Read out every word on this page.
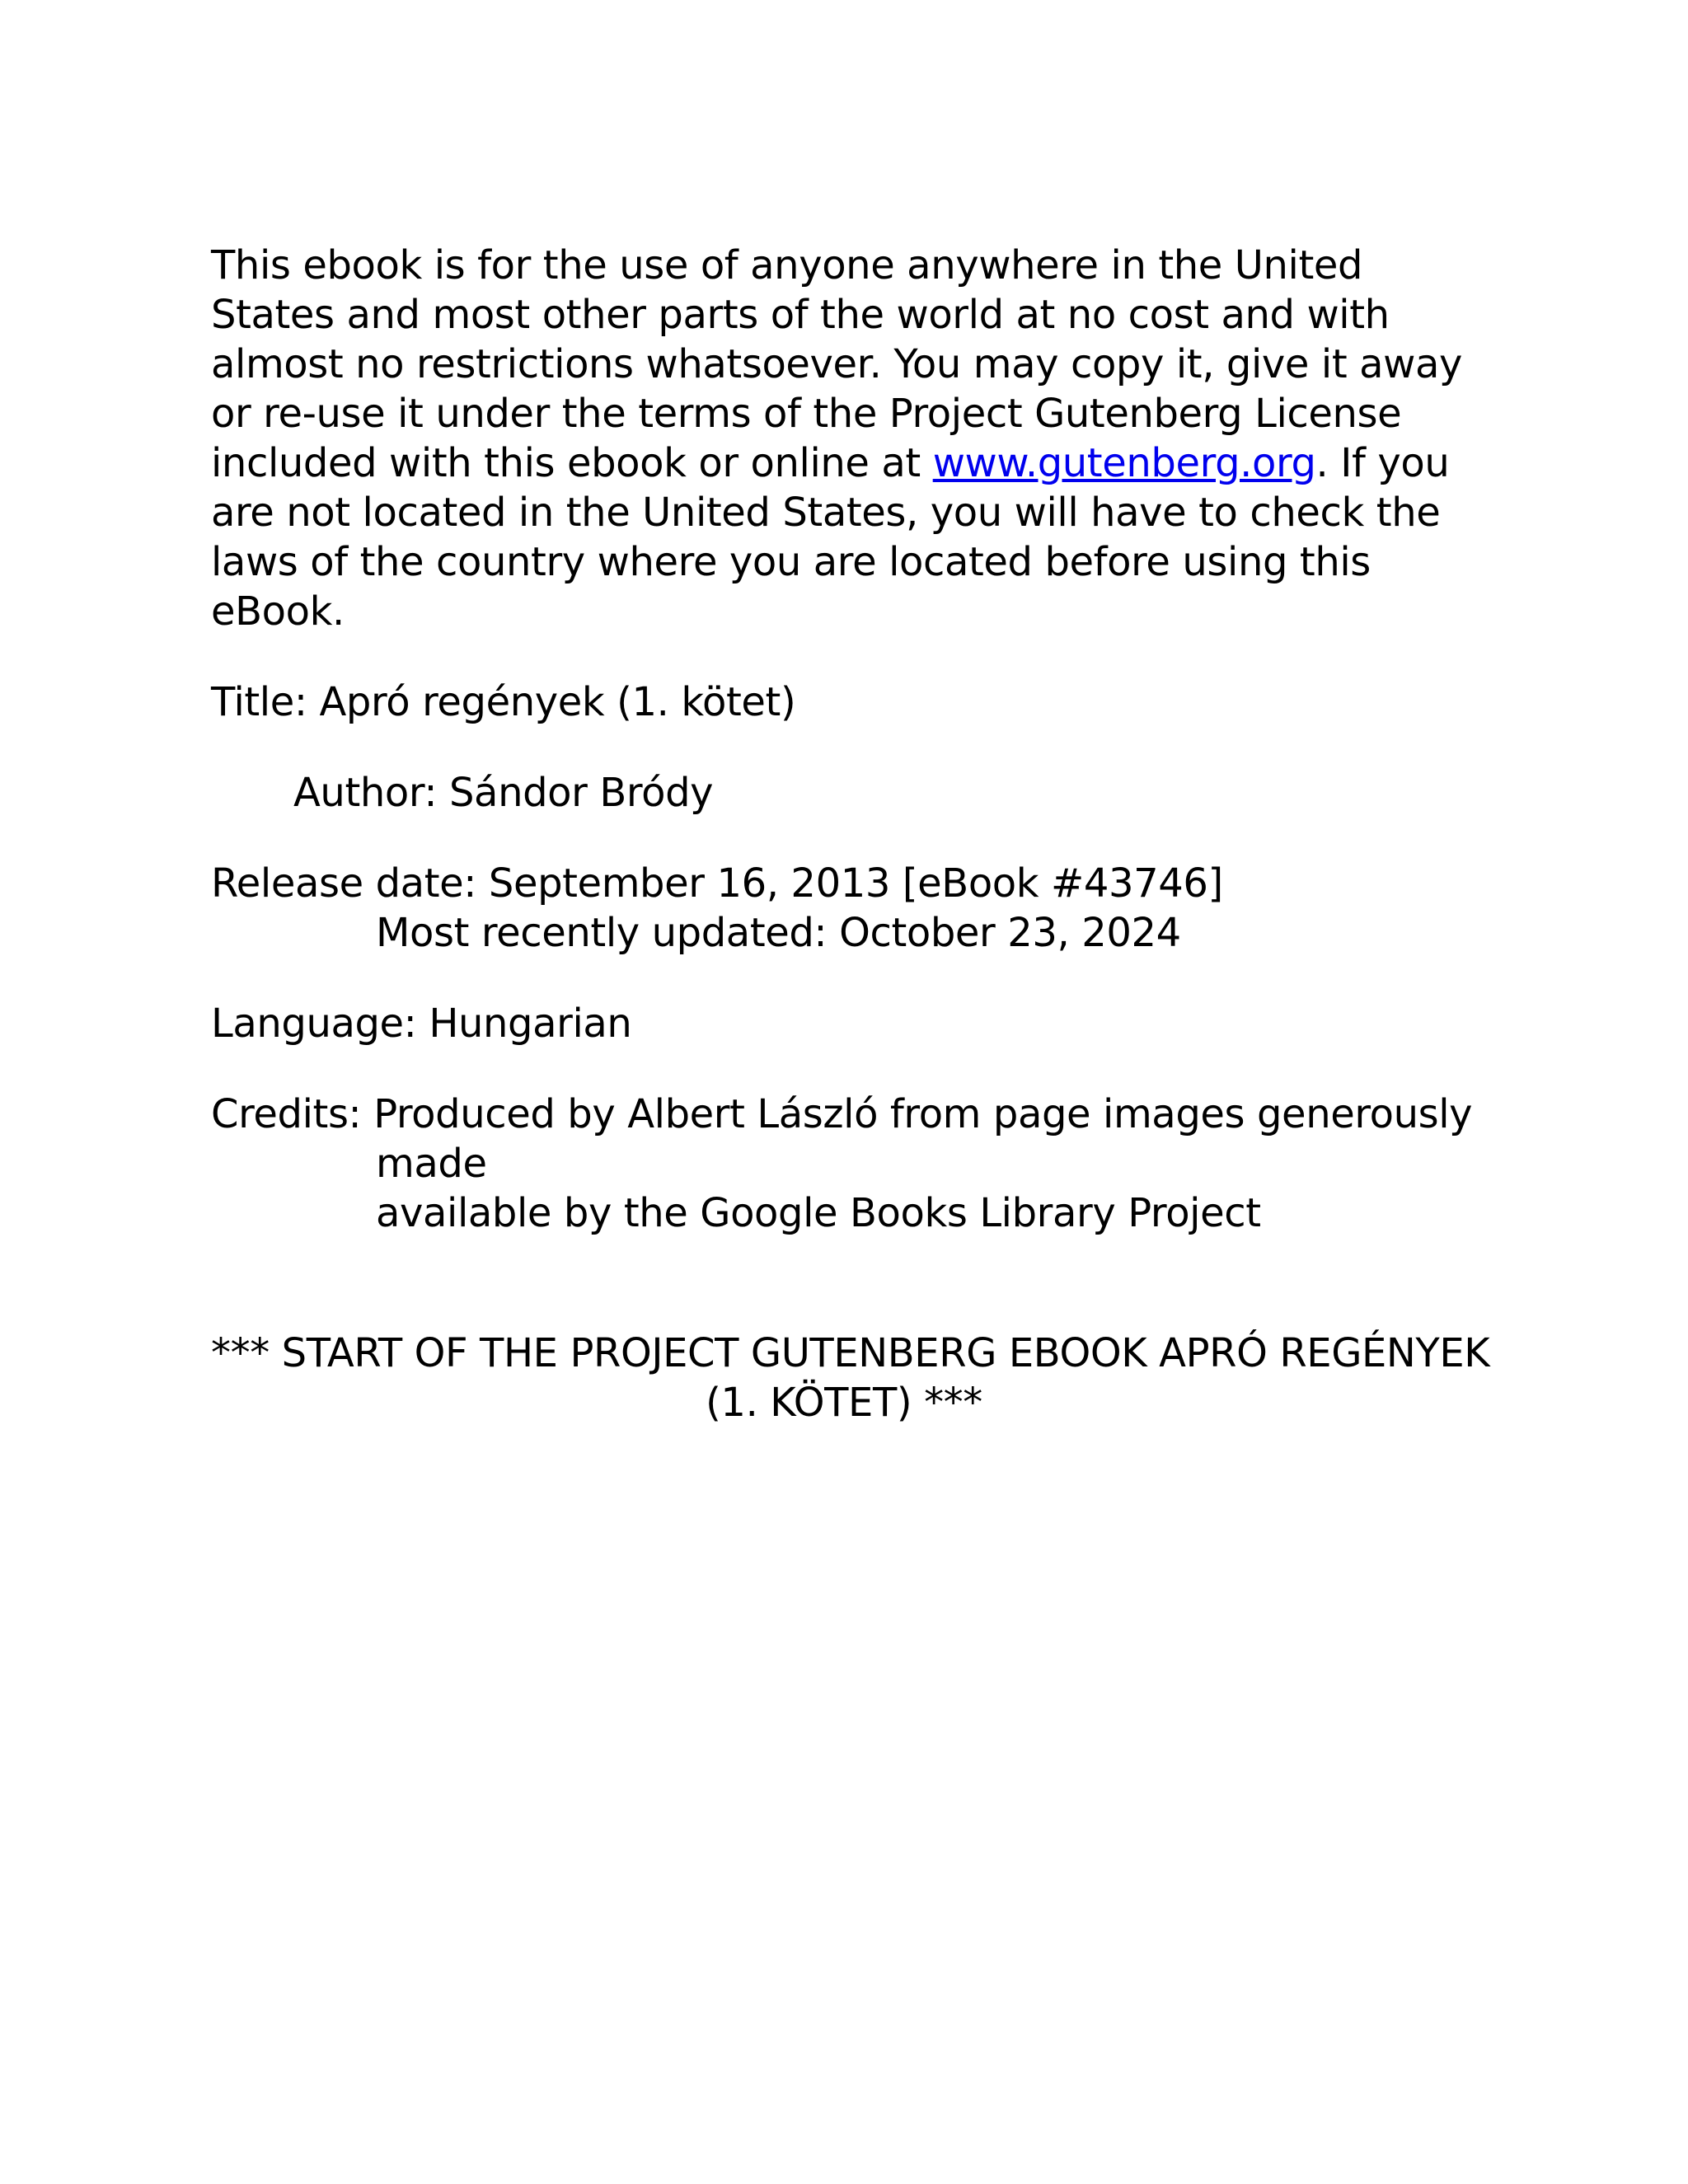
This ebook is for the use of anyone anywhere in the United States and most other parts of the world at no cost and with almost no restrictions whatsoever. You may copy it, give it away or re-use it under the terms of the Project Gutenberg License included with this ebook or online at www.gutenberg.org. If you are not located in the United States, you will have to check the laws of the country where you are located before using this eBook.

Title: Apró regények (1. kötet)

Author: Sándor Bródy

Release date: September 16, 2013 [eBook #43746]

Most recently updated: October 23, 2024

Language: Hungarian

Credits: Produced by Albert László from page images generously

made

available by the Google Books Library Project

*** START OF THE PROJECT GUTENBERG EBOOK APRÓ REGÉNYEK
(1. KÖTET) ***
